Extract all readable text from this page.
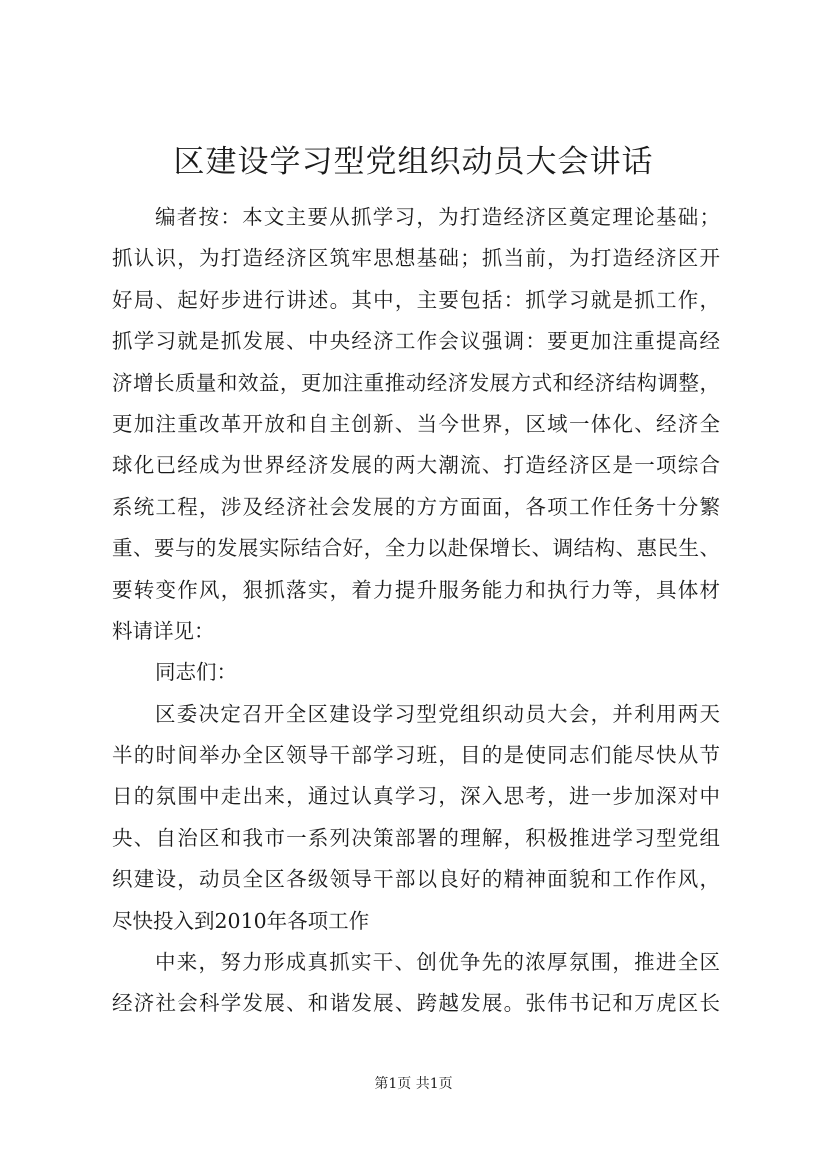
区建设学习型党组织动员大会讲话
编者按：本文主要从抓学习，为打造经济区奠定理论基础；
抓认识，为打造经济区筑牢思想基础；抓当前，为打造经济区开
好局、起好步进行讲述。其中，主要包括：抓学习就是抓工作，
抓学习就是抓发展、中央经济工作会议强调：要更加注重提高经
济增长质量和效益，更加注重推动经济发展方式和经济结构调整，
更加注重改革开放和自主创新、当今世界，区域一体化、经济全
球化已经成为世界经济发展的两大潮流、打造经济区是一项综合
系统工程，涉及经济社会发展的方方面面，各项工作任务十分繁
重、要与的发展实际结合好，全力以赴保增长、调结构、惠民生、
要转变作风，狠抓落实，着力提升服务能力和执行力等，具体材
料请详见：
同志们：
区委决定召开全区建设学习型党组织动员大会，并利用两天
半的时间举办全区领导干部学习班，目的是使同志们能尽快从节
日的氛围中走出来，通过认真学习，深入思考，进一步加深对中
央、自治区和我市一系列决策部署的理解，积极推进学习型党组
织建设，动员全区各级领导干部以良好的精神面貌和工作作风，
尽快投入到2010年各项工作
中来，努力形成真抓实干、创优争先的浓厚氛围，推进全区
经济社会科学发展、和谐发展、跨越发展。张伟书记和万虎区长
第1页 共1页
